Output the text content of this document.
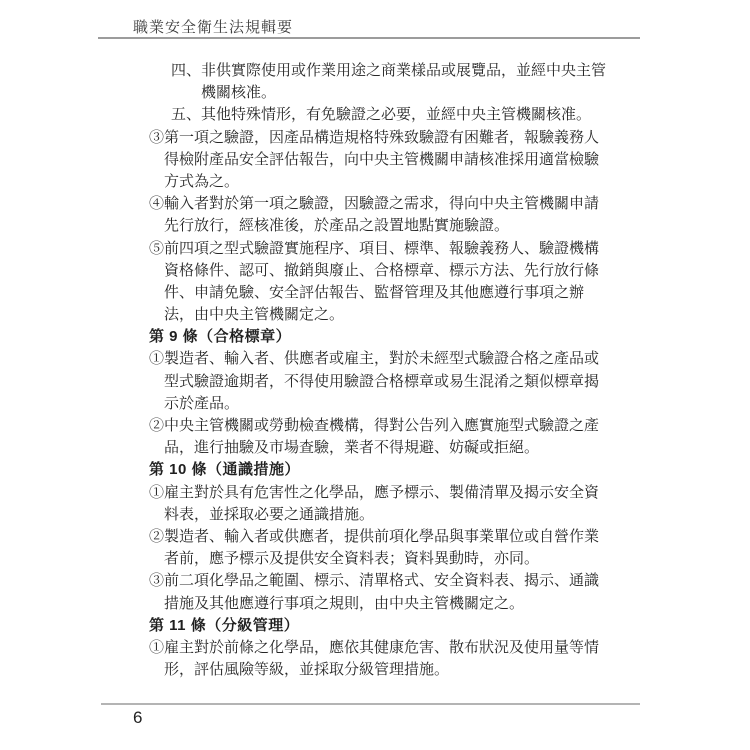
職業安全衛生法規輯要
四、非供實際使用或作業用途之商業樣品或展覽品，並經中央主管
機關核准。
五、其他特殊情形，有免驗證之必要，並經中央主管機關核准。
③第一項之驗證，因產品構造規格特殊致驗證有困難者，報驗義務人
得檢附產品安全評估報告，向中央主管機關申請核准採用適當檢驗
方式為之。
④輸入者對於第一項之驗證，因驗證之需求，得向中央主管機關申請
先行放行，經核准後，於產品之設置地點實施驗證。
⑤前四項之型式驗證實施程序、項目、標準、報驗義務人、驗證機構
資格條件、認可、撤銷與廢止、合格標章、標示方法、先行放行條
件、申請免驗、安全評估報告、監督管理及其他應遵行事項之辦
法，由中央主管機關定之。
第 9 條（合格標章）
①製造者、輸入者、供應者或雇主，對於未經型式驗證合格之產品或
型式驗證逾期者，不得使用驗證合格標章或易生混淆之類似標章揭
示於產品。
②中央主管機關或勞動檢查機構，得對公告列入應實施型式驗證之產
品，進行抽驗及市場查驗，業者不得規避、妨礙或拒絕。
第 10 條（通識措施）
①雇主對於具有危害性之化學品，應予標示、製備清單及揭示安全資
料表，並採取必要之通識措施。
②製造者、輸入者或供應者，提供前項化學品與事業單位或自營作業
者前，應予標示及提供安全資料表；資料異動時，亦同。
③前二項化學品之範圍、標示、清單格式、安全資料表、揭示、通識
措施及其他應遵行事項之規則，由中央主管機關定之。
第 11 條（分級管理）
①雇主對於前條之化學品，應依其健康危害、散布狀況及使用量等情
形，評估風險等級，並採取分級管理措施。
6
